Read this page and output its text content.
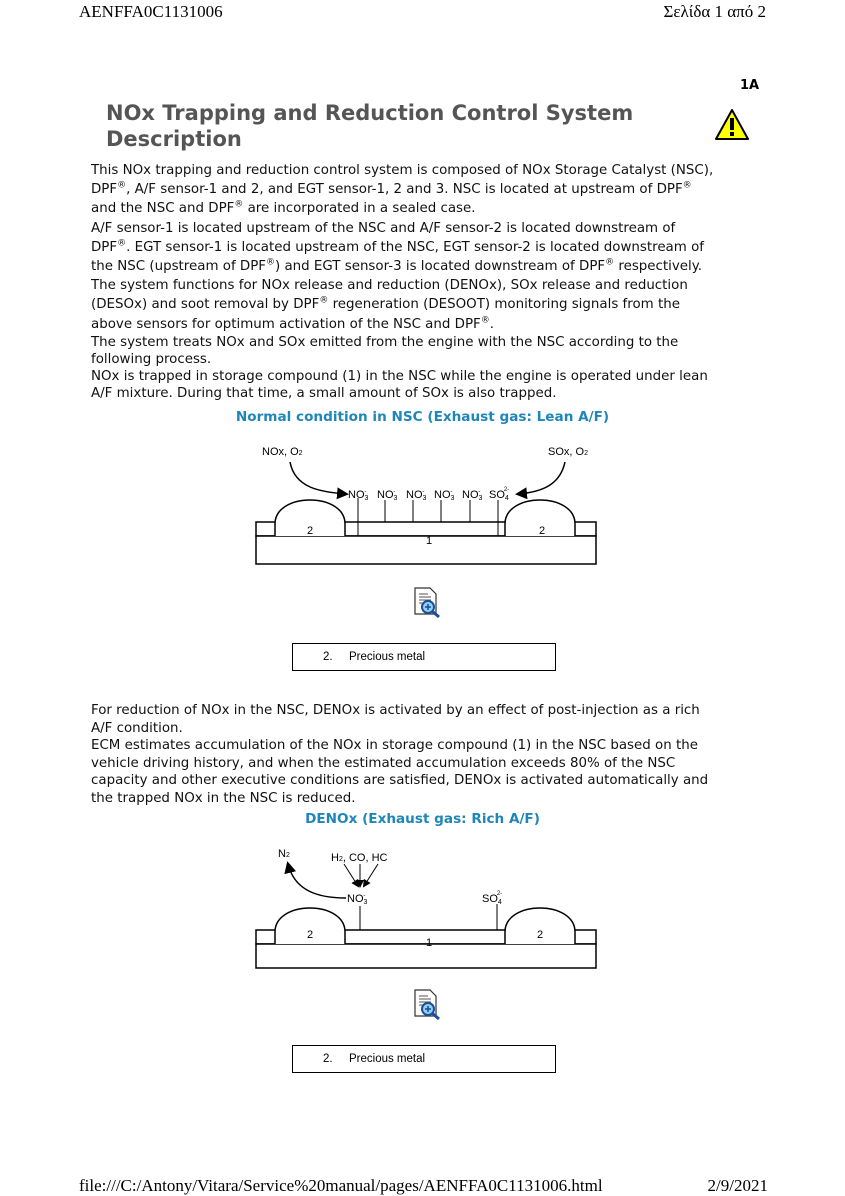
AENFFA0C1131006	Σελίδα 1 από 2
1A
NOx Trapping and Reduction Control System Description

This NOx trapping and reduction control system is composed of NOx Storage Catalyst (NSC),

DPF®, A/F sensor-1 and 2, and EGT sensor-1, 2 and 3. NSC is located at upstream of DPF®

and the NSC and DPF® are incorporated in a sealed case.

A/F sensor-1 is located upstream of the NSC and A/F sensor-2 is located downstream of

DPF®. EGT sensor-1 is located upstream of the NSC, EGT sensor-2 is located downstream of

the NSC (upstream of DPF®) and EGT sensor-3 is located downstream of DPF® respectively.

The system functions for NOx release and reduction (DENOx), SOx release and reduction

(DESOx) and soot removal by DPF® regeneration (DESOOT) monitoring signals from the

above sensors for optimum activation of the NSC and DPF®.

The system treats NOx and SOx emitted from the engine with the NSC according to the

following process.

NOx is trapped in storage compound (1) in the NSC while the engine is operated under lean

A/F mixture. During that time, a small amount of SOx is also trapped.

Normal condition in NSC (Exhaust gas: Lean A/F)
NOx, O2	SOx, O2
NO3- NO3- NO3- NO3- NO3- SO42-
2	2
1
2. Precious metal

For reduction of NOx in the NSC, DENOx is activated by an effect of post-injection as a rich

A/F condition.

ECM estimates accumulation of the NOx in storage compound (1) in the NSC based on the

vehicle driving history, and when the estimated accumulation exceeds 80% of the NSC

capacity and other executive conditions are satisfied, DENOx is activated automatically and

the trapped NOx in the NSC is reduced.

DENOx (Exhaust gas: Rich A/F)
N2	H2, CO, HC
NO3-	SO42-
2	2
1
2. Precious metal
file:///C:/Antony/Vitara/Service%20manual/pages/AENFFA0C1131006.html	2/9/2021
